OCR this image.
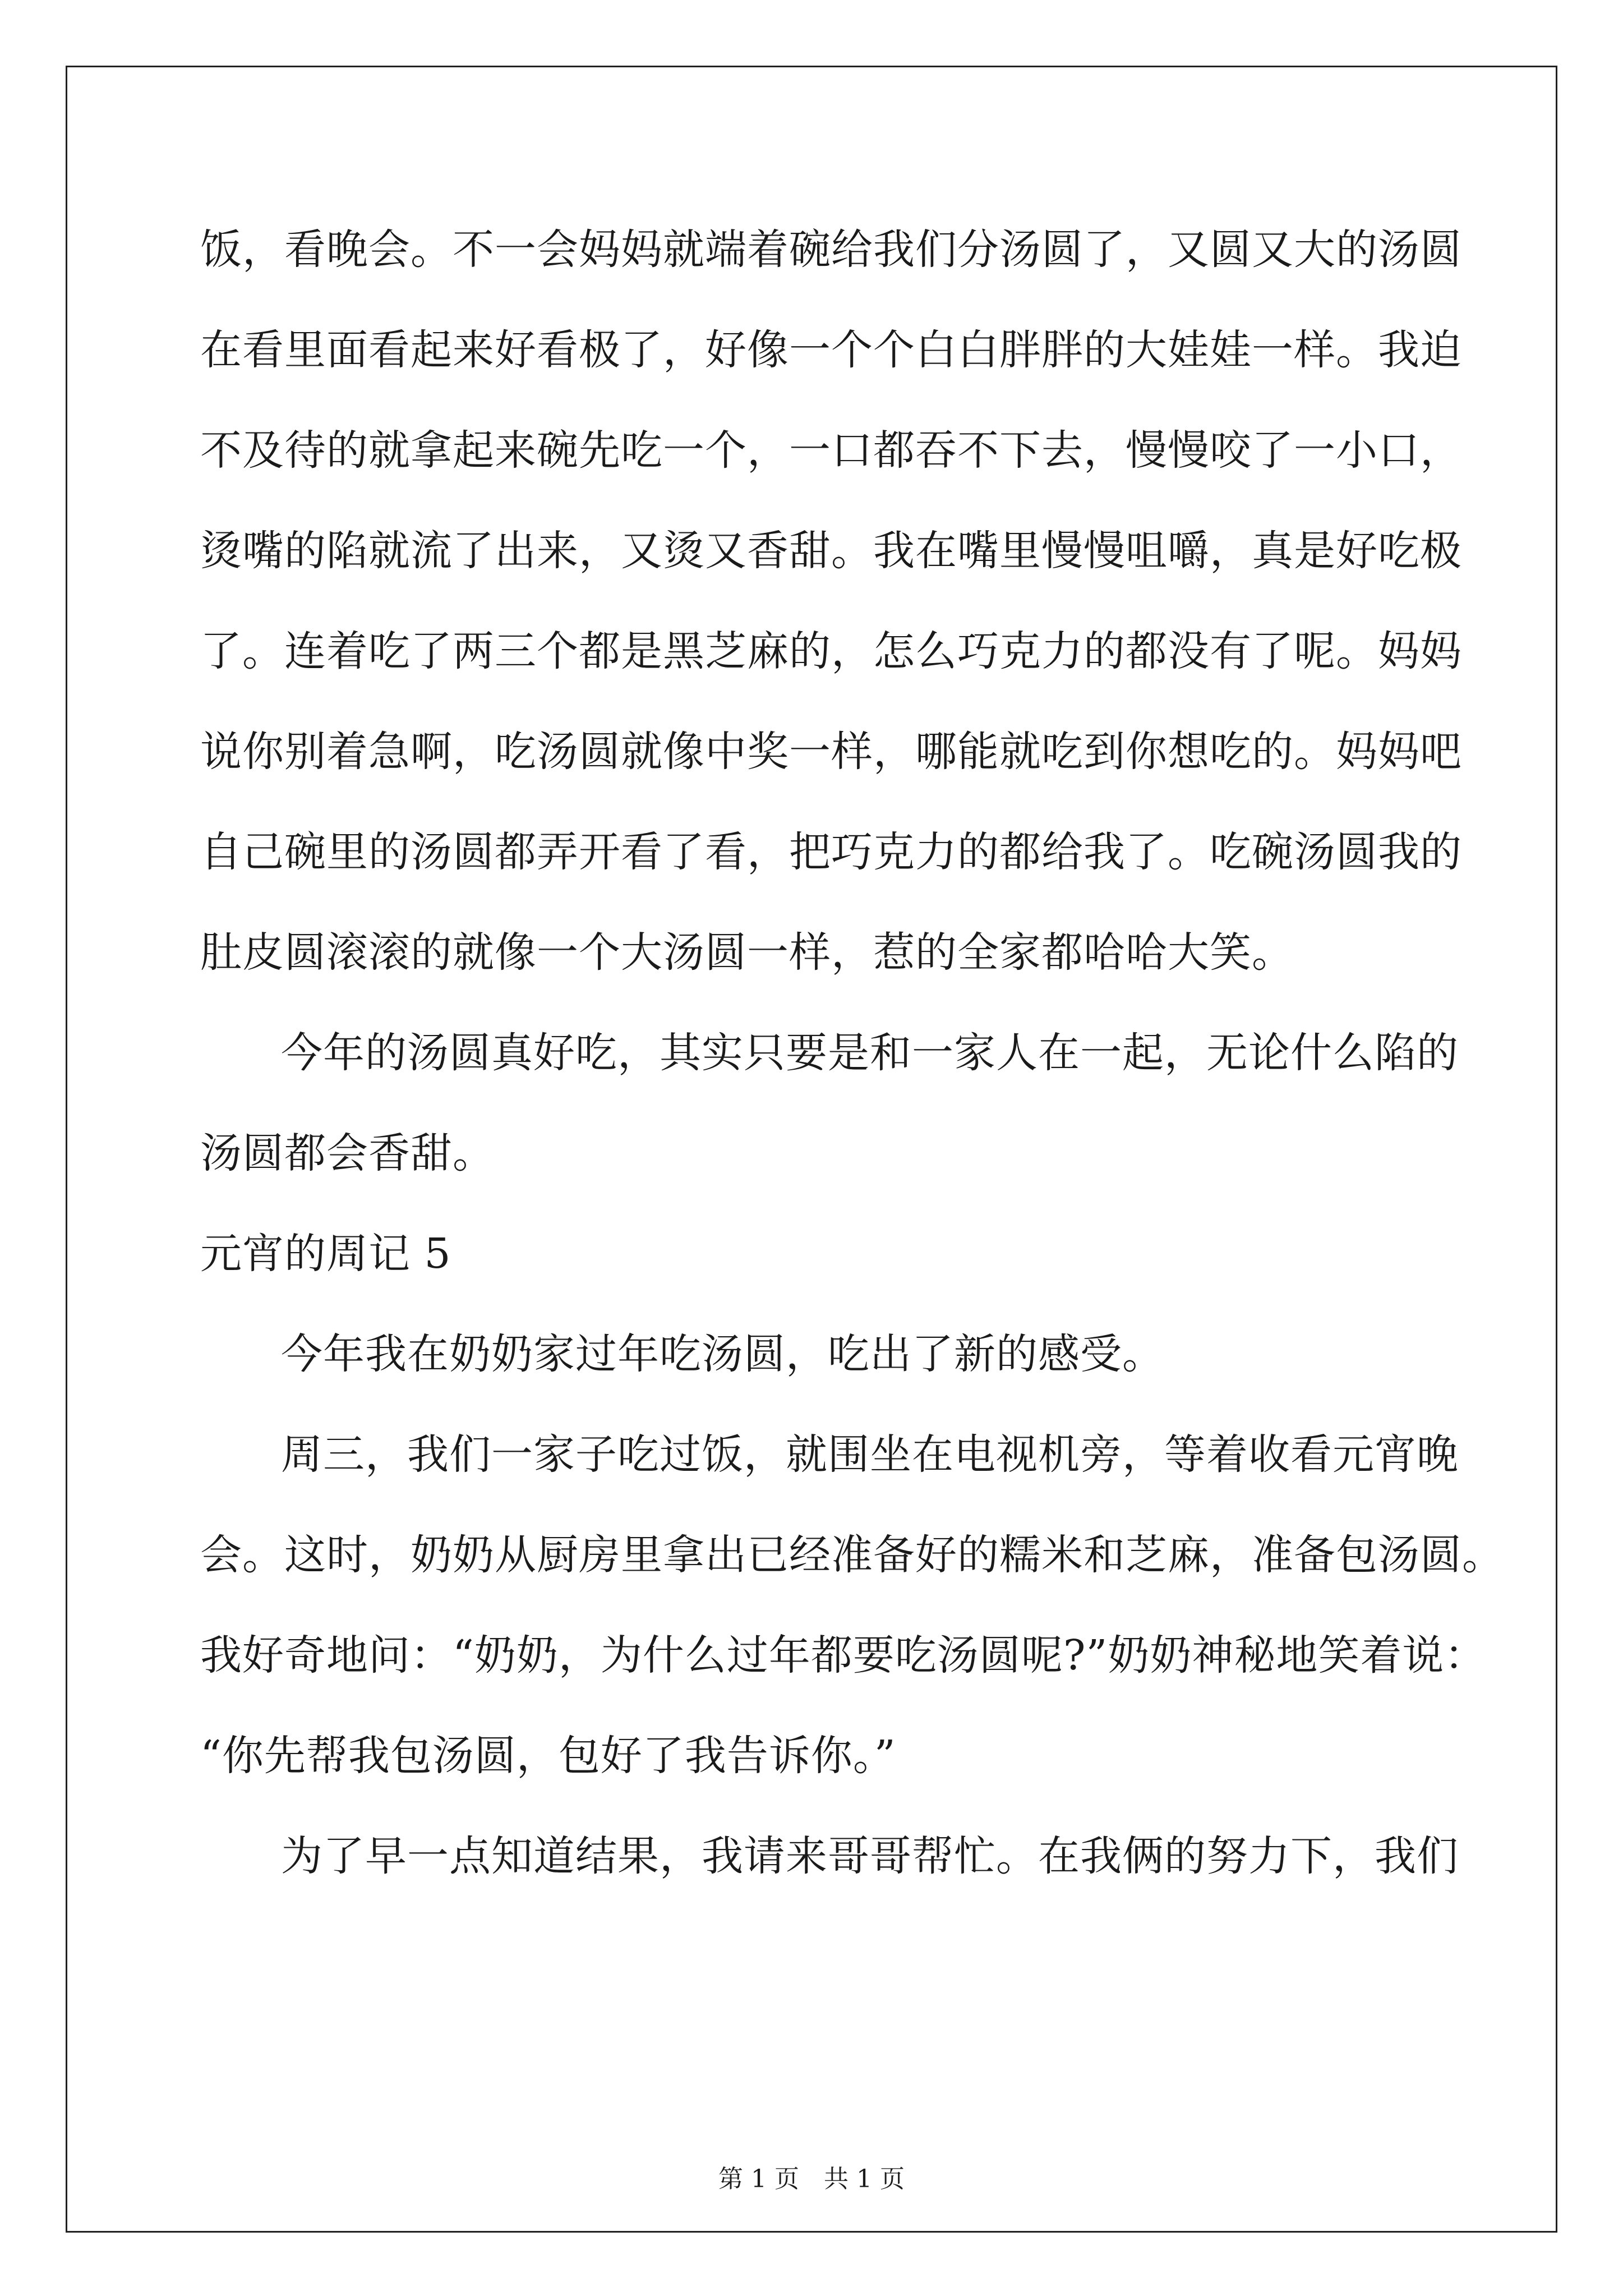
饭，看晚会。不一会妈妈就端着碗给我们分汤圆了，又圆又大的汤圆
在看里面看起来好看极了，好像一个个白白胖胖的大娃娃一样。我迫
不及待的就拿起来碗先吃一个，一口都吞不下去，慢慢咬了一小口，
烫嘴的陷就流了出来，又烫又香甜。我在嘴里慢慢咀嚼，真是好吃极
了。连着吃了两三个都是黑芝麻的，怎么巧克力的都没有了呢。妈妈
说你别着急啊，吃汤圆就像中奖一样，哪能就吃到你想吃的。妈妈吧
自己碗里的汤圆都弄开看了看，把巧克力的都给我了。吃碗汤圆我的
肚皮圆滚滚的就像一个大汤圆一样，惹的全家都哈哈大笑。
今年的汤圆真好吃，其实只要是和一家人在一起，无论什么陷的
汤圆都会香甜。
元宵的周记 5
今年我在奶奶家过年吃汤圆，吃出了新的感受。
周三，我们一家子吃过饭，就围坐在电视机旁，等着收看元宵晚
会。这时，奶奶从厨房里拿出已经准备好的糯米和芝麻，准备包汤圆。
我好奇地问：“奶奶，为什么过年都要吃汤圆呢?”奶奶神秘地笑着说：
“你先帮我包汤圆，包好了我告诉你。”
为了早一点知道结果，我请来哥哥帮忙。在我俩的努力下，我们
第 1 页　共 1 页
